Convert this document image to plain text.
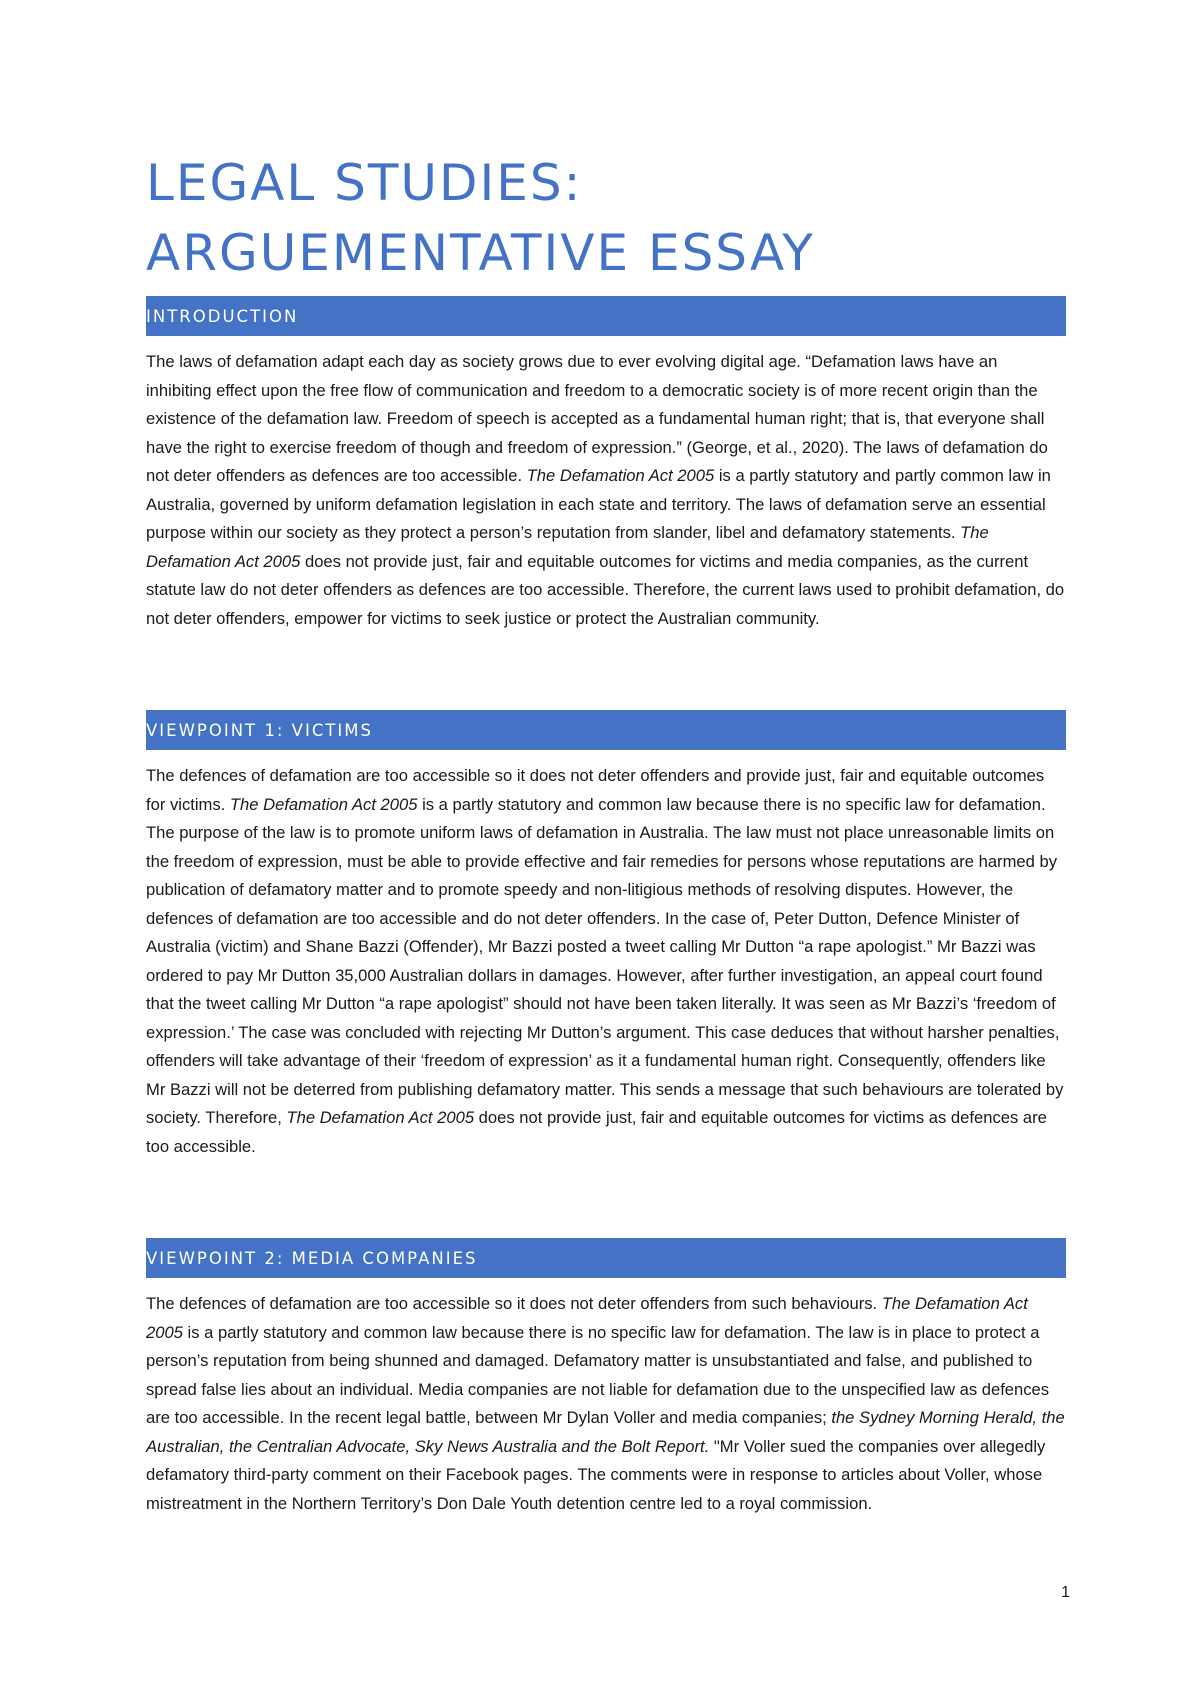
LEGAL STUDIES:
ARGUEMENTATIVE ESSAY
INTRODUCTION

The laws of defamation adapt each day as society grows due to ever evolving digital age. “Defamation laws have an inhibiting effect upon the free flow of communication and freedom to a democratic society is of more recent origin than the existence of the defamation law. Freedom of speech is accepted as a fundamental human right; that is, that everyone shall have the right to exercise freedom of though and freedom of expression.” (George, et al., 2020). The laws of defamation do not deter offenders as defences are too accessible. The Defamation Act 2005 is a partly statutory and partly common law in Australia, governed by uniform defamation legislation in each state and territory. The laws of defamation serve an essential purpose within our society as they protect a person’s reputation from slander, libel and defamatory statements. The Defamation Act 2005 does not provide just, fair and equitable outcomes for victims and media companies, as the current statute law do not deter offenders as defences are too accessible. Therefore, the current laws used to prohibit defamation, do not deter offenders, empower for victims to seek justice or protect the Australian community.

VIEWPOINT 1: VICTIMS

The defences of defamation are too accessible so it does not deter offenders and provide just, fair and equitable outcomes for victims. The Defamation Act 2005 is a partly statutory and common law because there is no specific law for defamation. The purpose of the law is to promote uniform laws of defamation in Australia. The law must not place unreasonable limits on the freedom of expression, must be able to provide effective and fair remedies for persons whose reputations are harmed by publication of defamatory matter and to promote speedy and non-litigious methods of resolving disputes. However, the defences of defamation are too accessible and do not deter offenders. In the case of, Peter Dutton, Defence Minister of Australia (victim) and Shane Bazzi (Offender), Mr Bazzi posted a tweet calling Mr Dutton “a rape apologist.” Mr Bazzi was ordered to pay Mr Dutton 35,000 Australian dollars in damages. However, after further investigation, an appeal court found that the tweet calling Mr Dutton “a rape apologist” should not have been taken literally. It was seen as Mr Bazzi’s ‘freedom of expression.’ The case was concluded with rejecting Mr Dutton’s argument. This case deduces that without harsher penalties, offenders will take advantage of their ‘freedom of expression’ as it a fundamental human right. Consequently, offenders like Mr Bazzi will not be deterred from publishing defamatory matter. This sends a message that such behaviours are tolerated by society. Therefore, The Defamation Act 2005 does not provide just, fair and equitable outcomes for victims as defences are too accessible.

VIEWPOINT 2: MEDIA COMPANIES

The defences of defamation are too accessible so it does not deter offenders from such behaviours. The Defamation Act 2005 is a partly statutory and common law because there is no specific law for defamation. The law is in place to protect a person’s reputation from being shunned and damaged. Defamatory matter is unsubstantiated and false, and published to spread false lies about an individual. Media companies are not liable for defamation due to the unspecified law as defences are too accessible. In the recent legal battle, between Mr Dylan Voller and media companies; the Sydney Morning Herald, the Australian, the Centralian Advocate, Sky News Australia and the Bolt Report. "Mr Voller sued the companies over allegedly defamatory third-party comment on their Facebook pages. The comments were in response to articles about Voller, whose mistreatment in the Northern Territory’s Don Dale Youth detention centre led to a royal commission.

1
